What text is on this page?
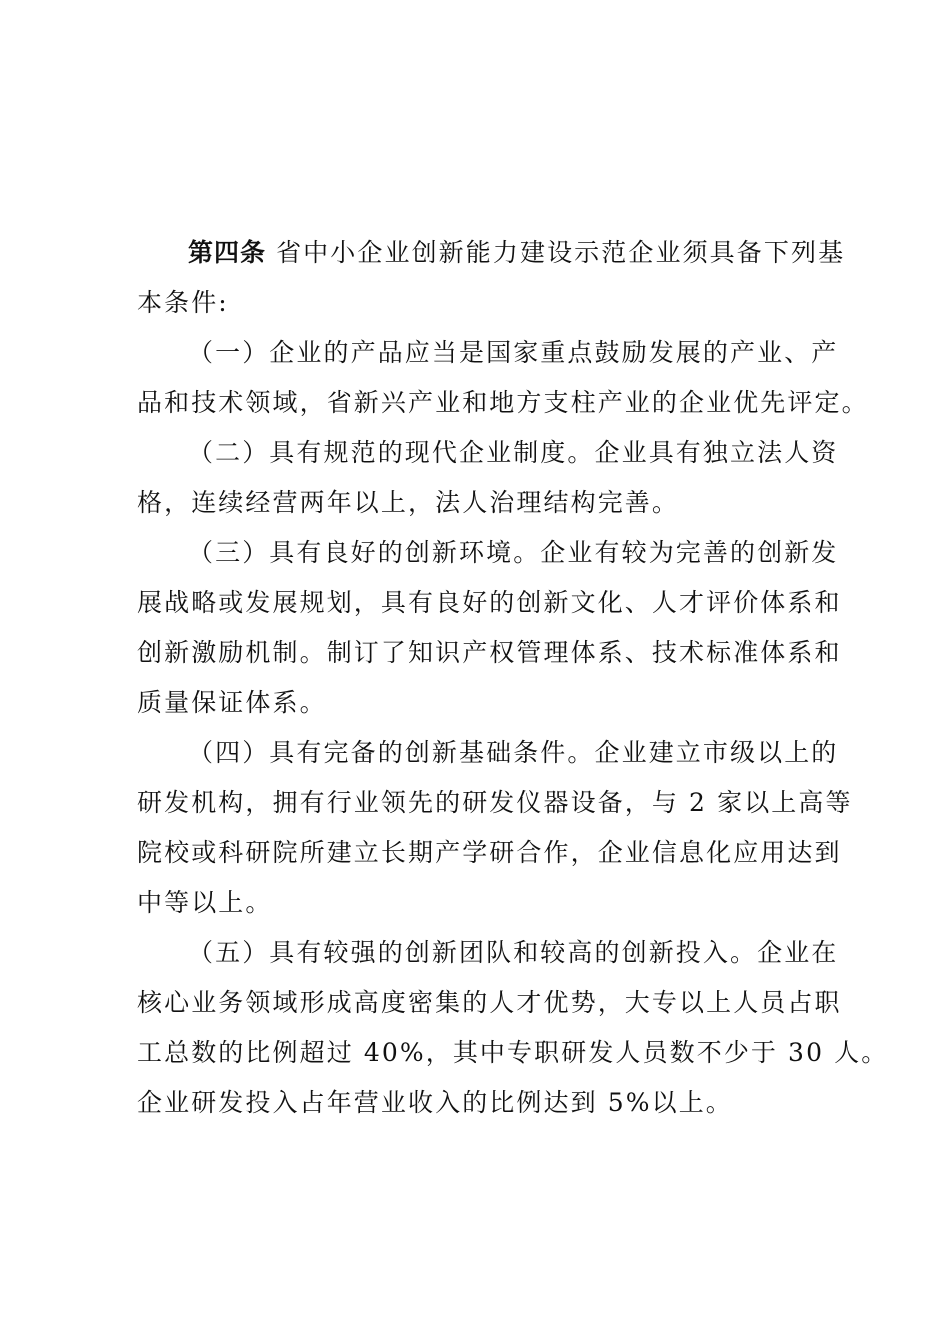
第四条 省中小企业创新能力建设示范企业须具备下列基
本条件:
（一）企业的产品应当是国家重点鼓励发展的产业、产
品和技术领域，省新兴产业和地方支柱产业的企业优先评定。
（二）具有规范的现代企业制度。企业具有独立法人资
格，连续经营两年以上，法人治理结构完善。
（三）具有良好的创新环境。企业有较为完善的创新发
展战略或发展规划，具有良好的创新文化、人才评价体系和
创新激励机制。制订了知识产权管理体系、技术标准体系和
质量保证体系。
（四）具有完备的创新基础条件。企业建立市级以上的
研发机构，拥有行业领先的研发仪器设备，与 2 家以上高等
院校或科研院所建立长期产学研合作，企业信息化应用达到
中等以上。
（五）具有较强的创新团队和较高的创新投入。企业在
核心业务领域形成高度密集的人才优势，大专以上人员占职
工总数的比例超过 40%，其中专职研发人员数不少于 30 人。
企业研发投入占年营业收入的比例达到 5%以上。
